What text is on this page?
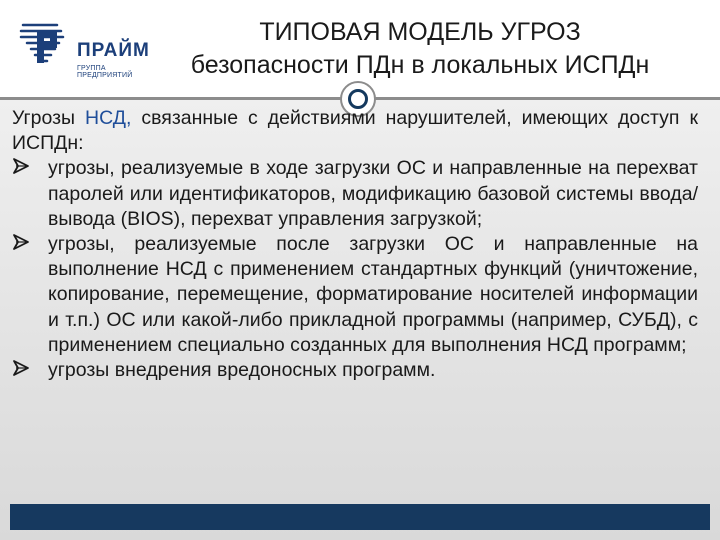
ПРАЙМ
ГРУППА ПРЕДПРИЯТИЙ
ТИПОВАЯ МОДЕЛЬ УГРОЗ
безопасности ПДн в локальных ИСПДн

Угрозы НСД, связанные с действиями нарушителей, имеющих доступ к ИСПДн:

угрозы, реализуемые в ходе загрузки ОС и направленные на перехват паролей или идентификаторов, модификацию базовой системы ввода/вывода (BIOS), перехват управления загрузкой;
угрозы, реализуемые после загрузки ОС и направленные на выполнение НСД с применением стандартных функций (уничтожение, копирование, перемещение, форматирование носителей информации и т.п.) ОС или какой-либо прикладной программы (например, СУБД), с применением специально созданных для выполнения НСД программ;
угрозы внедрения вредоносных программ.
